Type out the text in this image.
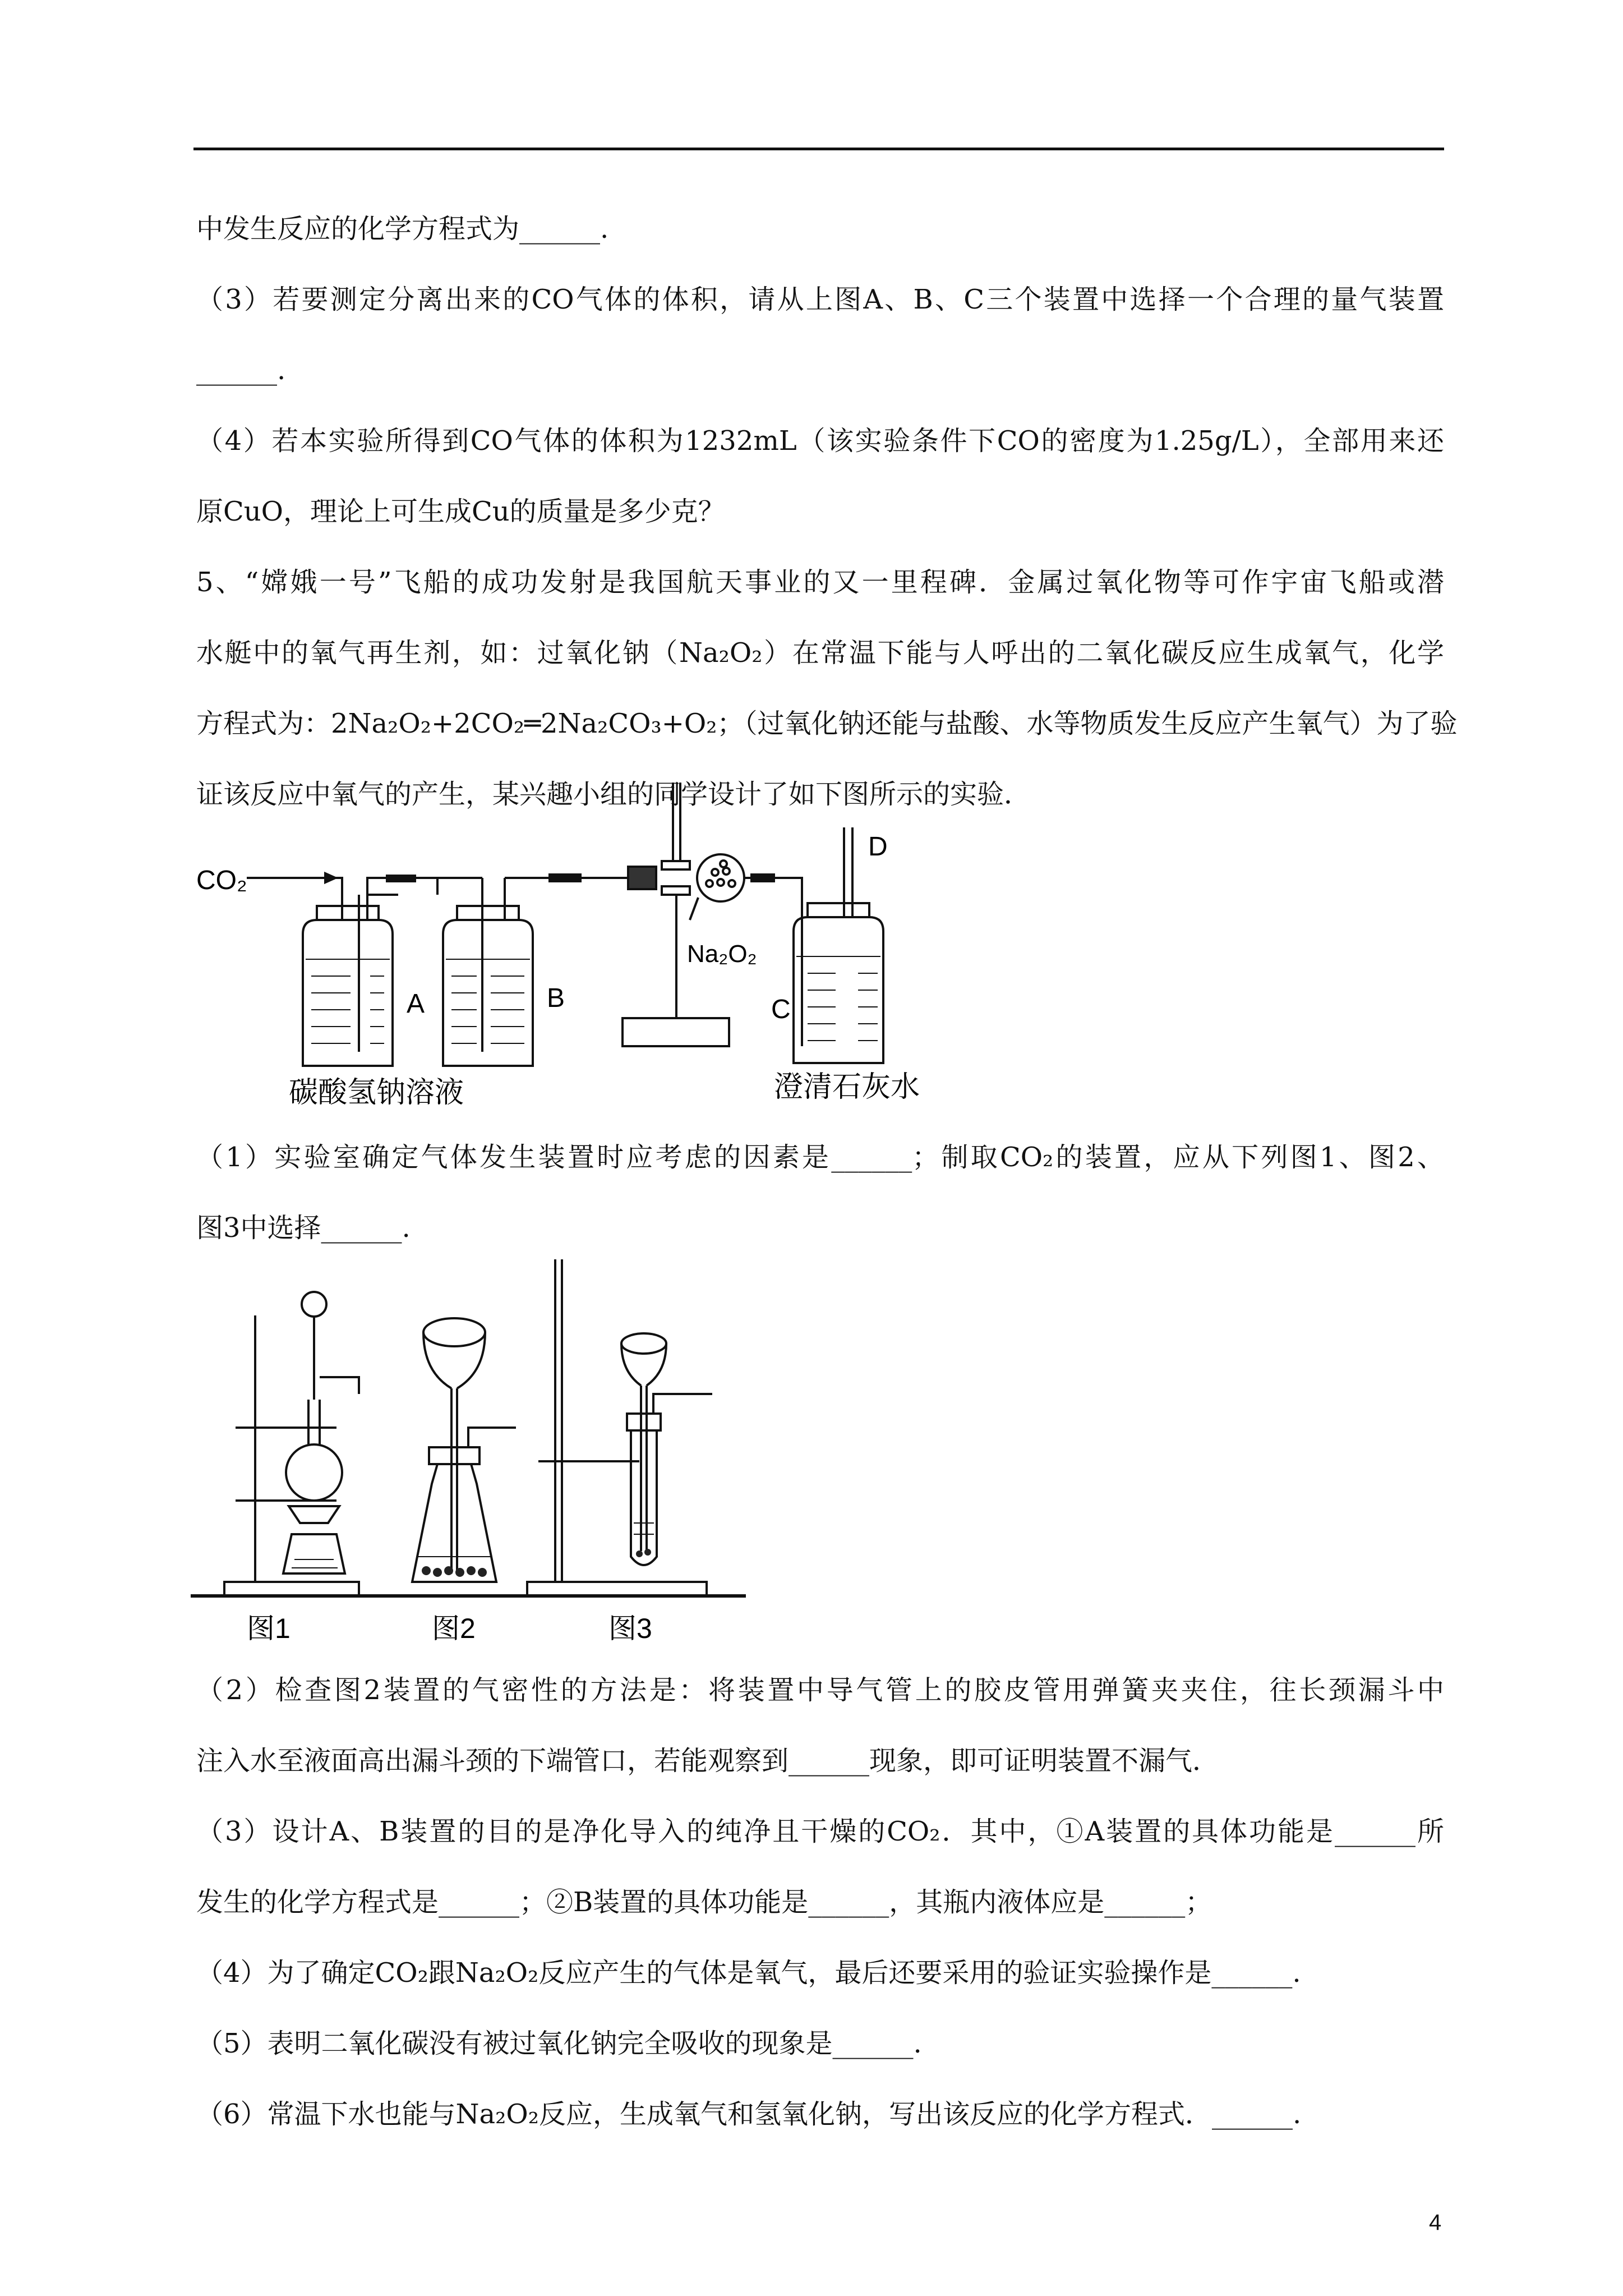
中发生反应的化学方程式为______.
（3）若要测定分离出来的CO气体的体积，请从上图A、B、C三个装置中选择一个合理的量气装置
______.
（4）若本实验所得到CO气体的体积为1232mL（该实验条件下CO的密度为1.25g/L），全部用来还
原CuO，理论上可生成Cu的质量是多少克？
5、“嫦娥一号”飞船的成功发射是我国航天事业的又一里程碑．金属过氧化物等可作宇宙飞船或潜
水艇中的氧气再生剂，如：过氧化钠（Na₂O₂）在常温下能与人呼出的二氧化碳反应生成氧气，化学
方程式为：2Na₂O₂+2CO₂═2Na₂CO₃+O₂；（过氧化钠还能与盐酸、水等物质发生反应产生氧气）为了验
证该反应中氧气的产生，某兴趣小组的同学设计了如下图所示的实验．
CO₂
A	B	C
D
Na₂O₂
碳酸氢钠溶液	澄清石灰水
（1）实验室确定气体发生装置时应考虑的因素是______；制取CO₂的装置，应从下列图1、图2、
图3中选择______.
图1	图2	图3
（2）检查图2装置的气密性的方法是：将装置中导气管上的胶皮管用弹簧夹夹住，往长颈漏斗中
注入水至液面高出漏斗颈的下端管口，若能观察到______现象，即可证明装置不漏气．
（3）设计A、B装置的目的是净化导入的纯净且干燥的CO₂．其中，①A装置的具体功能是______所
发生的化学方程式是______；②B装置的具体功能是______，其瓶内液体应是______；
（4）为了确定CO₂跟Na₂O₂反应产生的气体是氧气，最后还要采用的验证实验操作是______.
（5）表明二氧化碳没有被过氧化钠完全吸收的现象是______.
（6）常温下水也能与Na₂O₂反应，生成氧气和氢氧化钠，写出该反应的化学方程式．______.
4
